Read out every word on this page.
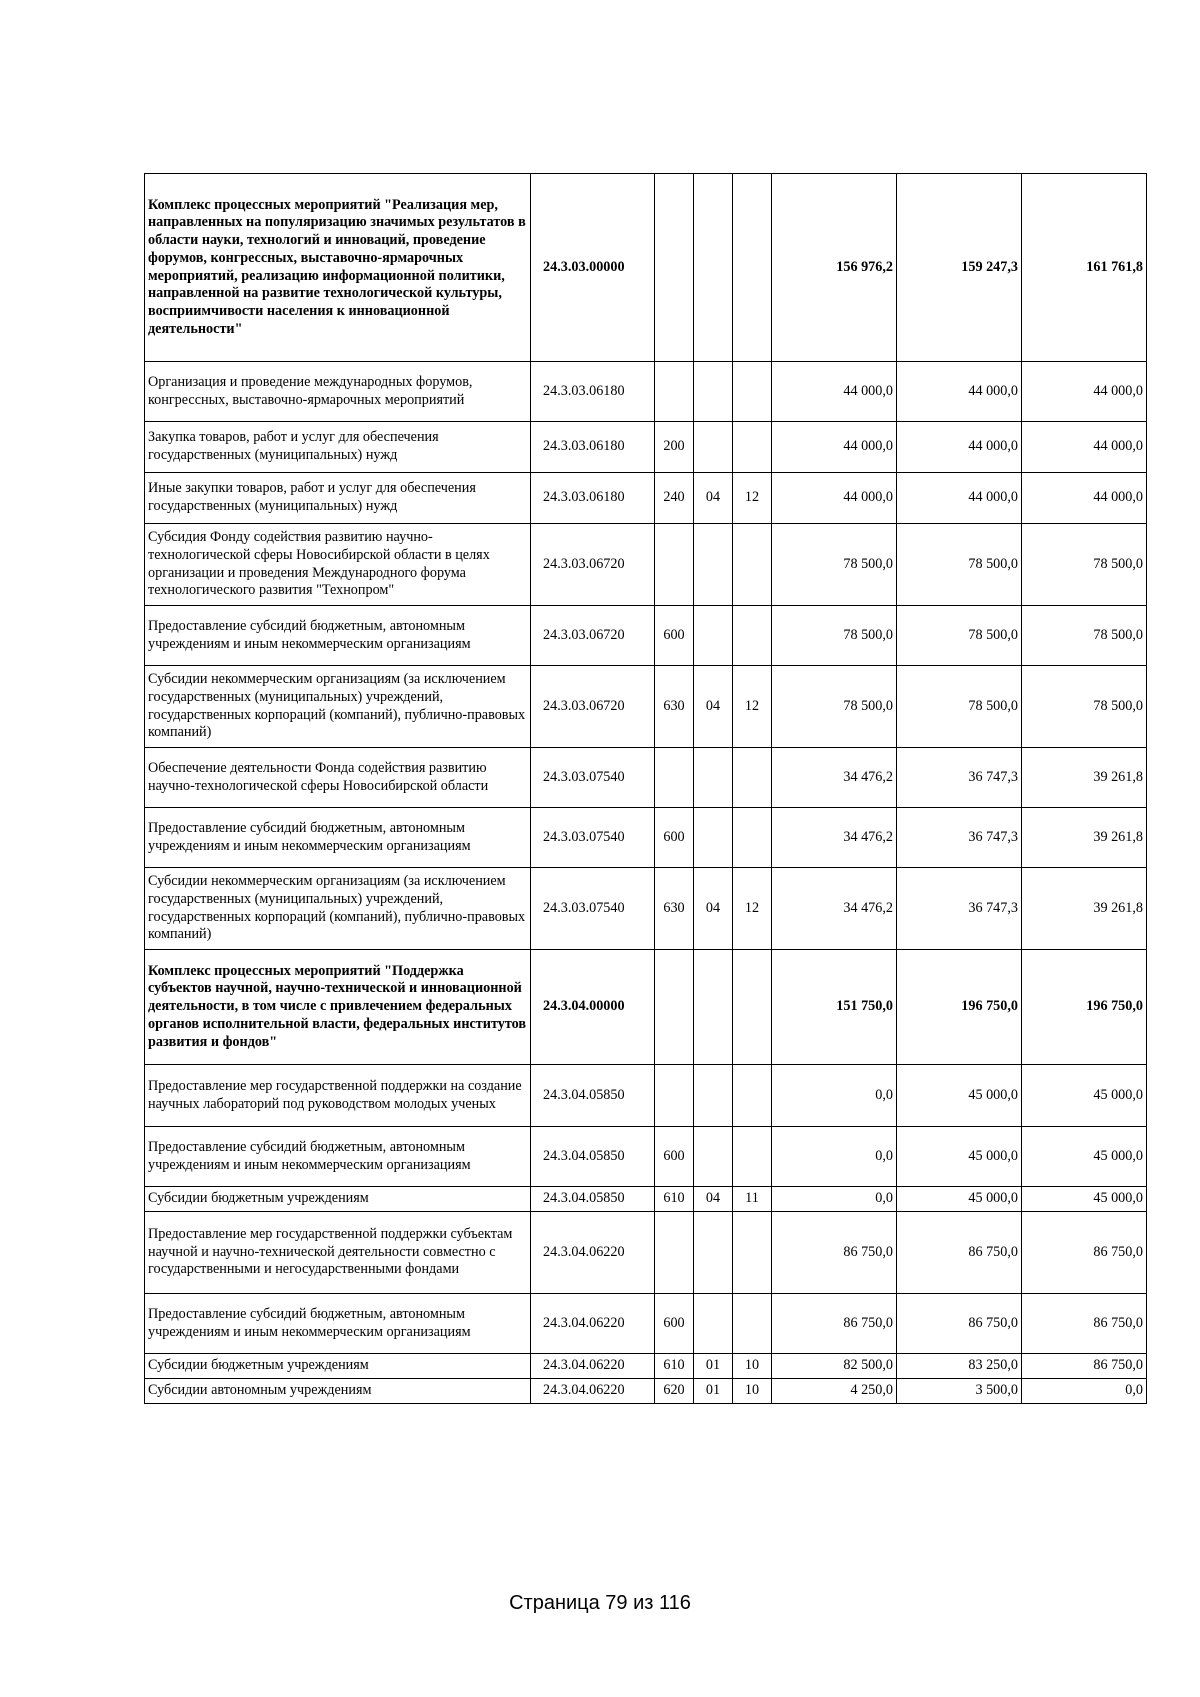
Комплекс процессных мероприятий "Реализация мер, направленных на популяризацию значимых результатов в области науки, технологий и инноваций, проведение форумов, конгрессных, выставочно-ярмарочных мероприятий, реализацию информационной политики, направленной на развитие технологической культуры, восприимчивости населения к инновационной деятельности"	24.3.03.00000				156 976,2	159 247,3	161 761,8
Организация и проведение международных форумов, конгрессных, выставочно-ярмарочных мероприятий	24.3.03.06180				44 000,0	44 000,0	44 000,0
Закупка товаров, работ и услуг для обеспечения государственных (муниципальных) нужд	24.3.03.06180	200			44 000,0	44 000,0	44 000,0
Иные закупки товаров, работ и услуг для обеспечения государственных (муниципальных) нужд	24.3.03.06180	240	04	12	44 000,0	44 000,0	44 000,0
Субсидия Фонду содействия развитию научно-технологической сферы Новосибирской области в целях организации и проведения Международного форума технологического развития "Технопром"	24.3.03.06720				78 500,0	78 500,0	78 500,0
Предоставление субсидий бюджетным, автономным учреждениям и иным некоммерческим организациям	24.3.03.06720	600			78 500,0	78 500,0	78 500,0
Субсидии некоммерческим организациям (за исключением государственных (муниципальных) учреждений, государственных корпораций (компаний), публично-правовых компаний)	24.3.03.06720	630	04	12	78 500,0	78 500,0	78 500,0
Обеспечение деятельности Фонда содействия развитию научно-технологической сферы Новосибирской области	24.3.03.07540				34 476,2	36 747,3	39 261,8
Предоставление субсидий бюджетным, автономным учреждениям и иным некоммерческим организациям	24.3.03.07540	600			34 476,2	36 747,3	39 261,8
Субсидии некоммерческим организациям (за исключением государственных (муниципальных) учреждений, государственных корпораций (компаний), публично-правовых компаний)	24.3.03.07540	630	04	12	34 476,2	36 747,3	39 261,8
Комплекс процессных мероприятий "Поддержка субъектов научной, научно-технической и инновационной деятельности, в том числе с привлечением федеральных органов исполнительной власти, федеральных институтов развития и фондов"	24.3.04.00000				151 750,0	196 750,0	196 750,0
Предоставление мер государственной поддержки на создание научных лабораторий под руководством молодых ученых	24.3.04.05850				0,0	45 000,0	45 000,0
Предоставление субсидий бюджетным, автономным учреждениям и иным некоммерческим организациям	24.3.04.05850	600			0,0	45 000,0	45 000,0
Субсидии бюджетным учреждениям	24.3.04.05850	610	04	11	0,0	45 000,0	45 000,0
Предоставление мер государственной поддержки субъектам научной и научно-технической деятельности совместно с государственными и негосударственными фондами	24.3.04.06220				86 750,0	86 750,0	86 750,0
Предоставление субсидий бюджетным, автономным учреждениям и иным некоммерческим организациям	24.3.04.06220	600			86 750,0	86 750,0	86 750,0
Субсидии бюджетным учреждениям	24.3.04.06220	610	01	10	82 500,0	83 250,0	86 750,0
Субсидии автономным учреждениям	24.3.04.06220	620	01	10	4 250,0	3 500,0	0,0
Страница 79 из 116
